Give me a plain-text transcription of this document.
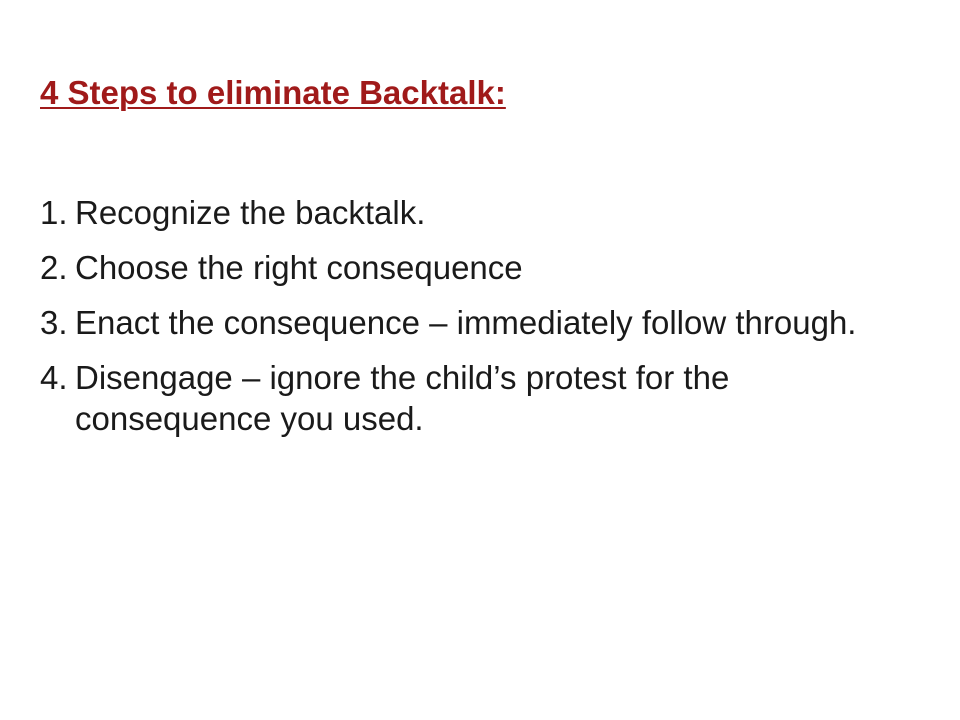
4 Steps to eliminate Backtalk:
1. Recognize the backtalk.
2. Choose the right consequence
3. Enact the consequence – immediately follow through.
4. Disengage – ignore the child’s protest for the consequence you used.
